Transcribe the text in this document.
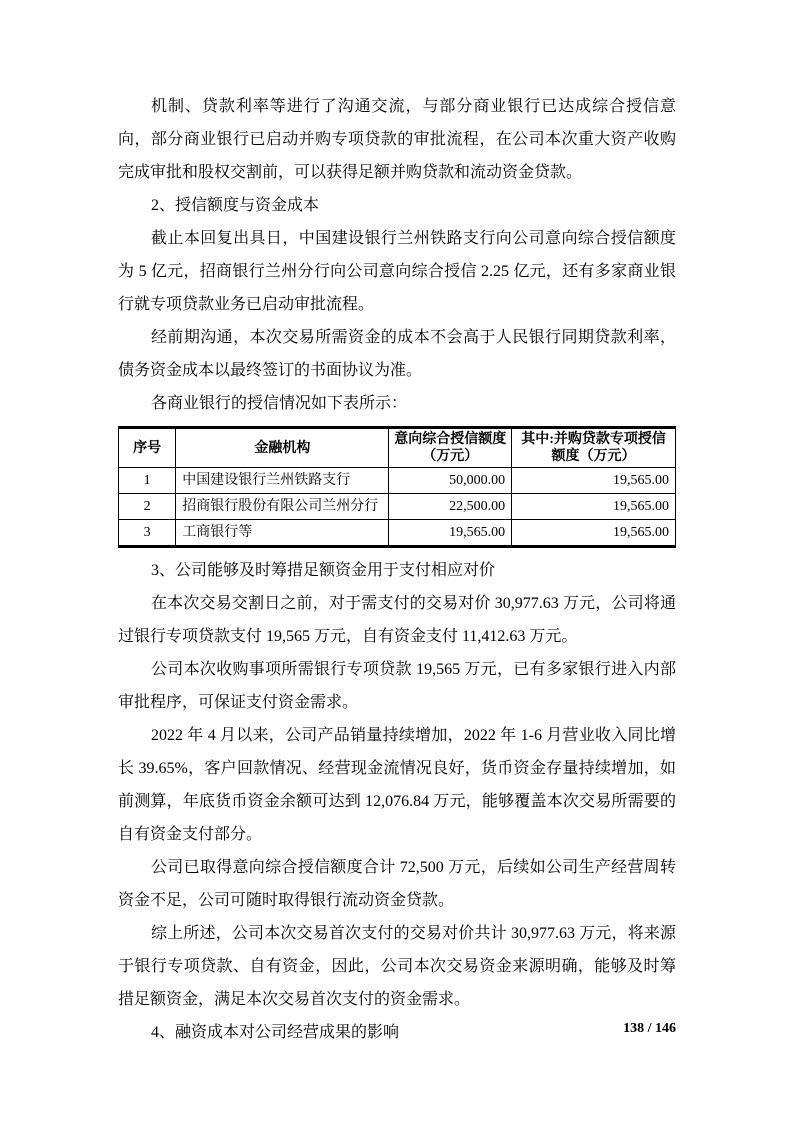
机制、贷款利率等进行了沟通交流，与部分商业银行已达成综合授信意向，部分商业银行已启动并购专项贷款的审批流程，在公司本次重大资产收购完成审批和股权交割前，可以获得足额并购贷款和流动资金贷款。

2、授信额度与资金成本

截止本回复出具日，中国建设银行兰州铁路支行向公司意向综合授信额度为 5 亿元，招商银行兰州分行向公司意向综合授信 2.25 亿元，还有多家商业银行就专项贷款业务已启动审批流程。

经前期沟通，本次交易所需资金的成本不会高于人民银行同期贷款利率，债务资金成本以最终签订的书面协议为准。

各商业银行的授信情况如下表所示：

序号	金融机构	意向综合授信额度（万元）	其中:并购贷款专项授信额度（万元）
1	中国建设银行兰州铁路支行	50,000.00	19,565.00
2	招商银行股份有限公司兰州分行	22,500.00	19,565.00
3	工商银行等	19,565.00	19,565.00

3、公司能够及时筹措足额资金用于支付相应对价

在本次交易交割日之前，对于需支付的交易对价 30,977.63 万元，公司将通过银行专项贷款支付 19,565 万元，自有资金支付 11,412.63 万元。

公司本次收购事项所需银行专项贷款 19,565 万元，已有多家银行进入内部审批程序，可保证支付资金需求。

2022 年 4 月以来，公司产品销量持续增加，2022 年 1-6 月营业收入同比增长 39.65%，客户回款情况、经营现金流情况良好，货币资金存量持续增加，如前测算，年底货币资金余额可达到 12,076.84 万元，能够覆盖本次交易所需要的自有资金支付部分。

公司已取得意向综合授信额度合计 72,500 万元，后续如公司生产经营周转资金不足，公司可随时取得银行流动资金贷款。

综上所述，公司本次交易首次支付的交易对价共计 30,977.63 万元，将来源于银行专项贷款、自有资金，因此，公司本次交易资金来源明确，能够及时筹措足额资金，满足本次交易首次支付的资金需求。

4、融资成本对公司经营成果的影响	138 / 146
